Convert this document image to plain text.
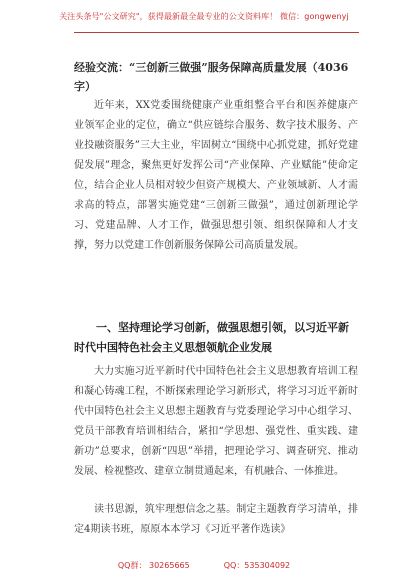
关注头条号"公文研究"，获得最新最全最专业的公文资料库！ 微信：gongwenyj
经验交流：“三创新三做强”服务保障高质量发展（4036字）

近年来，XX党委围绕健康产业重组整合平台和医养健康产业领军企业的定位，确立“供应链综合服务、数字技术服务、产业投融资服务”三大主业，牢固树立“围绕中心抓党建，抓好党建促发展”理念，聚焦更好发挥公司“产业保障、产业赋能”使命定位，结合企业人员相对较少但资产规模大、产业领域新、人才需求高的特点，部署实施党建“三创新三做强”，通过创新理论学习、党建品牌、人才工作，做强思想引领、组织保障和人才支撑，努力以党建工作创新服务保障公司高质量发展。

一、坚持理论学习创新，做强思想引领，以习近平新时代中国特色社会主义思想领航企业发展

大力实施习近平新时代中国特色社会主义思想教育培训工程和凝心铸魂工程，不断探索理论学习新形式，将学习习近平新时代中国特色社会主义思想主题教育与党委理论学习中心组学习、党员干部教育培训相结合，紧扣“学思想、强党性、重实践、建新功”总要求，创新“四思”举措，把理论学习、调查研究、推动发展、检视整改、建章立制贯通起来，有机融合、一体推进。

读书思源，筑牢理想信念之基。制定主题教育学习清单，排定4期读书班，原原本本学习《习近平著作选读》

QQ群： 30265665	QQ：535304092
